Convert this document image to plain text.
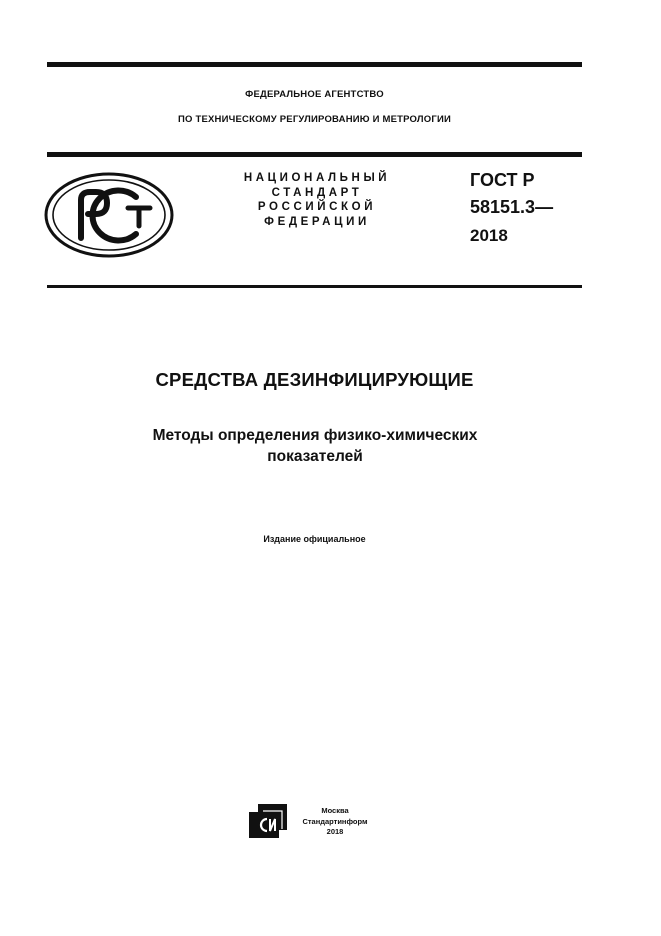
ФЕДЕРАЛЬНОЕ АГЕНТСТВО
ПО ТЕХНИЧЕСКОМУ РЕГУЛИРОВАНИЮ И МЕТРОЛОГИИ
НАЦИОНАЛЬНЫЙ
СТАНДАРТ
РОССИЙСКОЙ
ФЕДЕРАЦИИ
ГОСТ Р
58151.3—
2018
СРЕДСТВА ДЕЗИНФИЦИРУЮЩИЕ
Методы определения физико-химических
показателей
Издание официальное
Москва
Стандартинформ
2018
